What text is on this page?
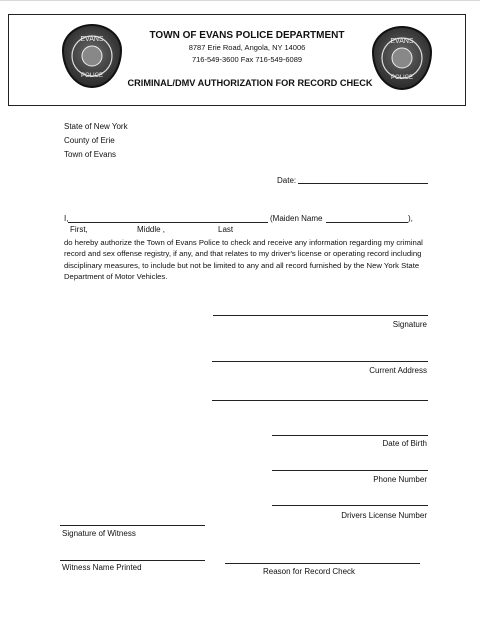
EVANS
POLICE
EVANS
POLICE
TOWN OF EVANS POLICE DEPARTMENT
8787 Erie Road, Angola, NY 14006
716-549-3600 Fax 716-549-6089
CRIMINAL/DMV AUTHORIZATION FOR RECORD CHECK
State of New York
County of Erie
Town of Evans
Date:
I,	(Maiden Name	),
First,	Middle ,	Last
do hereby authorize the Town of Evans Police to check and receive any information regarding my criminal record and sex offense registry, if any, and that relates to my driver's license or operating record including disciplinary measures, to include but not be limited to any and all record furnished by the New York State Department of Motor Vehicles.
Signature
Current Address
Date of Birth
Phone Number
Drivers License Number
Signature of Witness
Witness Name Printed	Reason for Record Check
